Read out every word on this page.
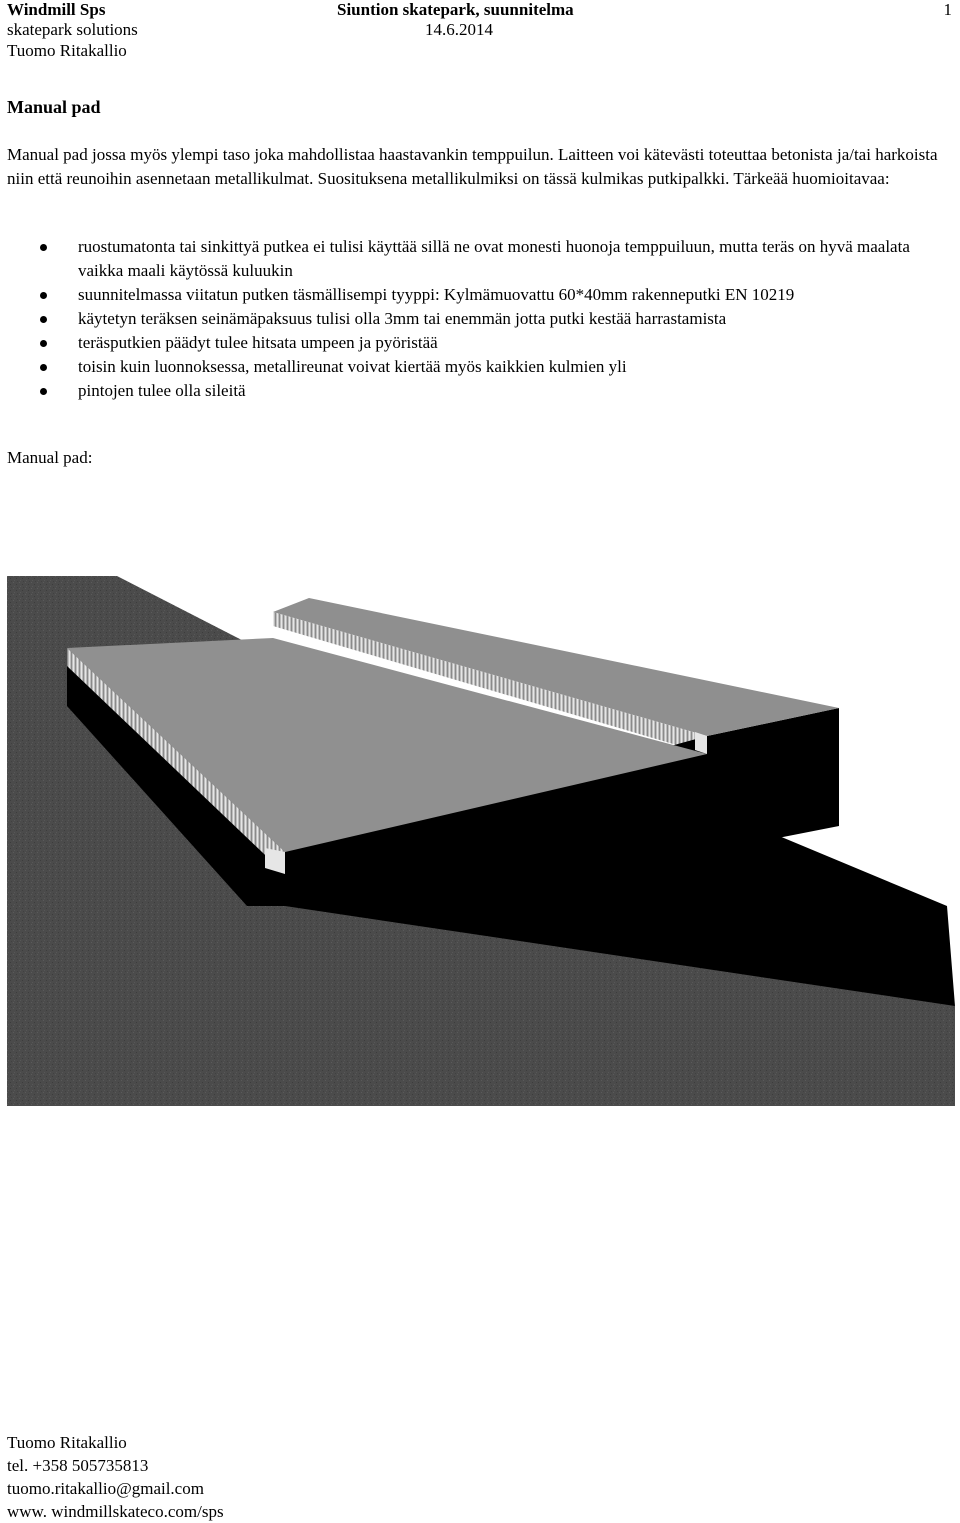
Windmill Sps	Siuntion skatepark, suunnitelma	1
skatepark solutions	14.6.2014
Tuomo Ritakallio
Manual pad
Manual pad jossa myös ylempi taso joka mahdollistaa haastavankin temppuilun. Laitteen voi kätevästi toteuttaa betonista ja/tai harkoista niin että reunoihin asennetaan metallikulmat. Suosituksena metallikulmiksi on tässä kulmikas putkipalkki. Tärkeää huomioitavaa:
ruostumatonta tai sinkittyä putkea ei tulisi käyttää sillä ne ovat monesti huonoja temppuiluun, mutta teräs on hyvä maalata vaikka maali käytössä kuluukin
suunnitelmassa viitatun putken täsmällisempi tyyppi: Kylmämuovattu 60*40mm rakenneputki EN 10219
käytetyn teräksen seinämäpaksuus tulisi olla 3mm tai enemmän jotta putki kestää harrastamista
teräsputkien päädyt tulee hitsata umpeen ja pyöristää
toisin kuin luonnoksessa, metallireunat voivat kiertää myös kaikkien kulmien yli
pintojen tulee olla sileitä
Manual pad:
Tuomo Ritakallio
tel. +358 505735813
tuomo.ritakallio@gmail.com
www. windmillskateco.com/sps
